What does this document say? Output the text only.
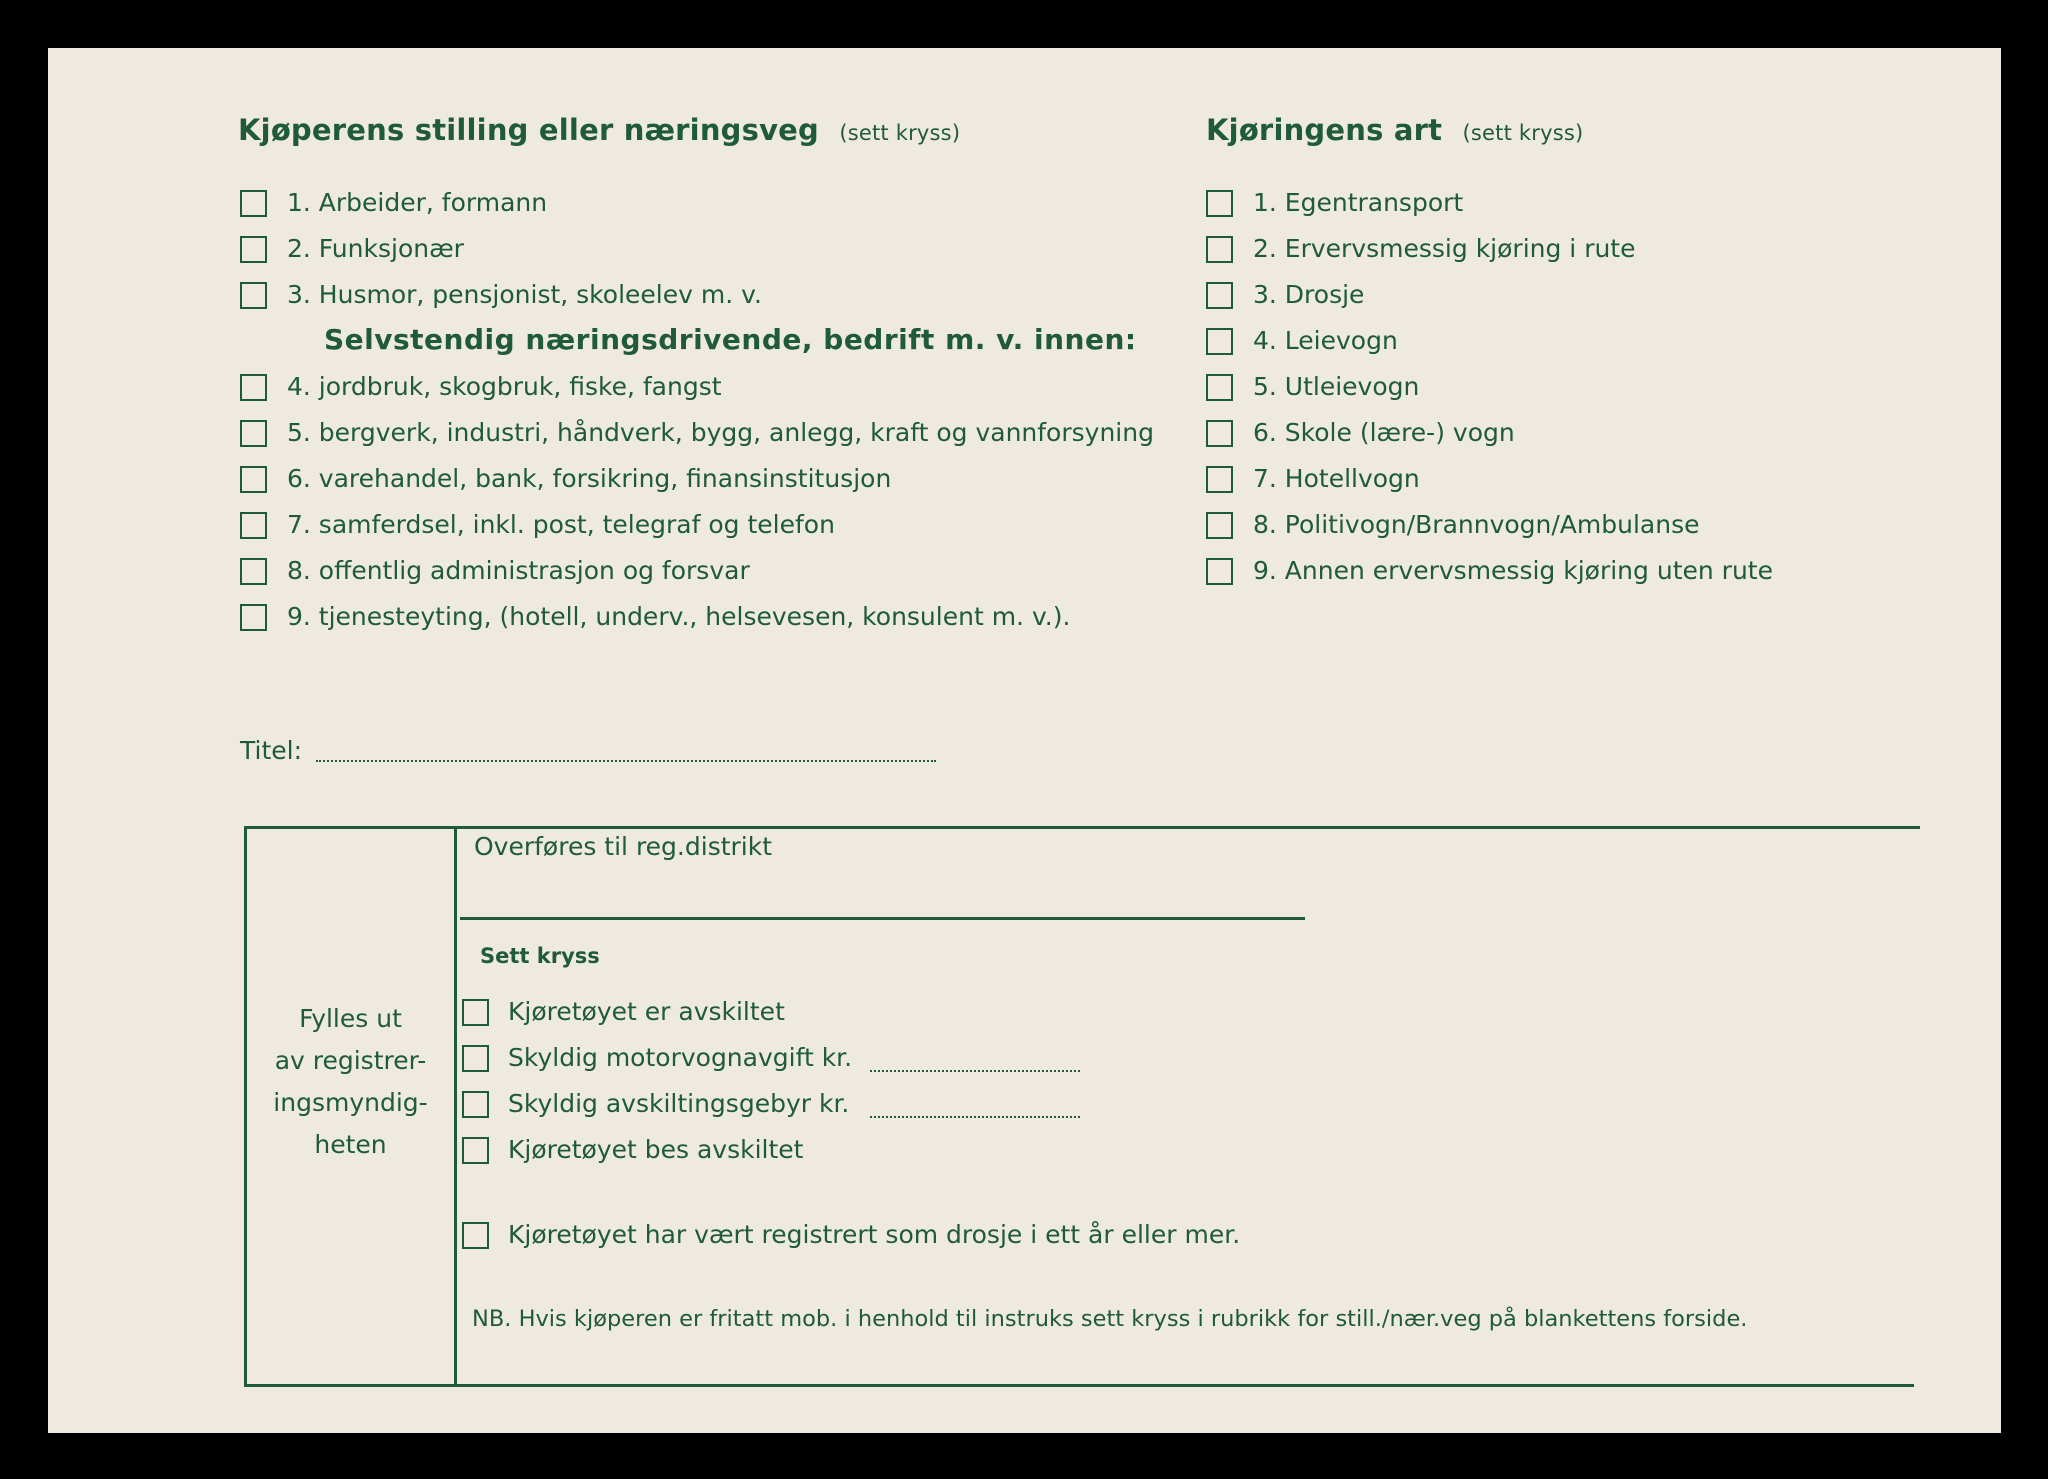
Kjøperens stilling eller næringsveg (sett kryss)	Kjøringens art (sett kryss)
1. Arbeider, formann
2. Funksjonær
3. Husmor, pensjonist, skoleelev m. v.
Selvstendig næringsdrivende, bedrift m. v. innen:
4. jordbruk, skogbruk, fiske, fangst
5. bergverk, industri, håndverk, bygg, anlegg, kraft og vannforsyning
6. varehandel, bank, forsikring, finansinstitusjon
7. samferdsel, inkl. post, telegraf og telefon
8. offentlig administrasjon og forsvar
9. tjenesteyting, (hotell, underv., helsevesen, konsulent m. v.).
1. Egentransport
2. Ervervsmessig kjøring i rute
3. Drosje
4. Leievogn
5. Utleievogn
6. Skole (lære-) vogn
7. Hotellvogn
8. Politivogn/Brannvogn/Ambulanse
9. Annen ervervsmessig kjøring uten rute
Titel:
Fylles ut
av registrer-
ingsmyndig-
heten
Overføres til reg.distrikt
Sett kryss
Kjøretøyet er avskiltet
Skyldig motorvognavgift kr.
Skyldig avskiltingsgebyr kr.
Kjøretøyet bes avskiltet
Kjøretøyet har vært registrert som drosje i ett år eller mer.
NB. Hvis kjøperen er fritatt mob. i henhold til instruks sett kryss i rubrikk for still./nær.veg på blankettens forside.
